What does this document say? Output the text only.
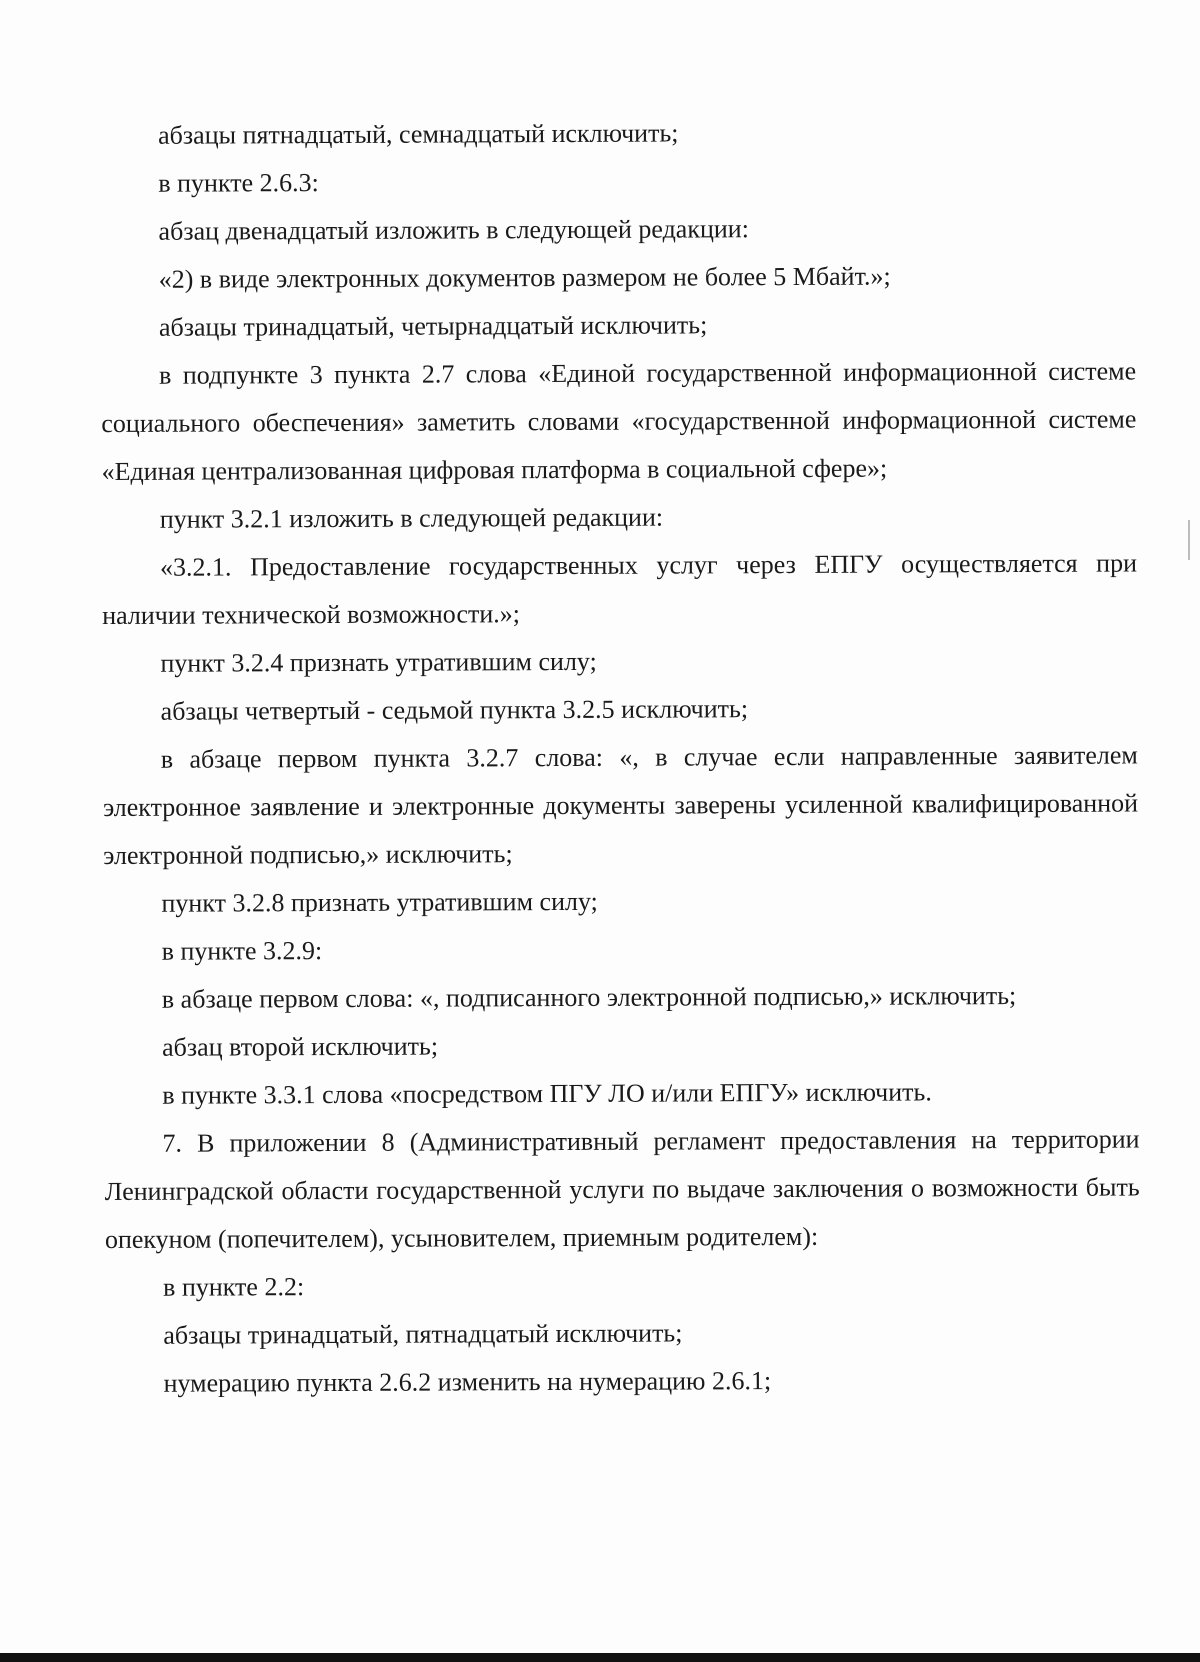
абзацы пятнадцатый, семнадцатый исключить;

в пункте 2.6.3:

абзац двенадцатый изложить в следующей редакции:

«2) в виде электронных документов размером не более 5 Мбайт.»;

абзацы тринадцатый, четырнадцатый исключить;

в подпункте 3 пункта 2.7 слова «Единой государственной информационной системе социального обеспечения» заметить словами «государственной информационной системе «Единая централизованная цифровая платформа в социальной сфере»;

пункт 3.2.1 изложить в следующей редакции:

«3.2.1. Предоставление государственных услуг через ЕПГУ осуществляется при наличии технической возможности.»;

пункт 3.2.4 признать утратившим силу;

абзацы четвертый - седьмой пункта 3.2.5 исключить;

в абзаце первом пункта 3.2.7 слова: «, в случае если направленные заявителем электронное заявление и электронные документы заверены усиленной квалифицированной электронной подписью,» исключить;

пункт 3.2.8 признать утратившим силу;

в пункте 3.2.9:

в абзаце первом слова: «, подписанного электронной подписью,» исключить;

абзац второй исключить;

в пункте 3.3.1 слова «посредством ПГУ ЛО и/или ЕПГУ» исключить.

7. В приложении 8 (Административный регламент предоставления на территории Ленинградской области государственной услуги по выдаче заключения о возможности быть опекуном (попечителем), усыновителем, приемным родителем):

в пункте 2.2:

абзацы тринадцатый, пятнадцатый исключить;

нумерацию пункта 2.6.2 изменить на нумерацию 2.6.1;
